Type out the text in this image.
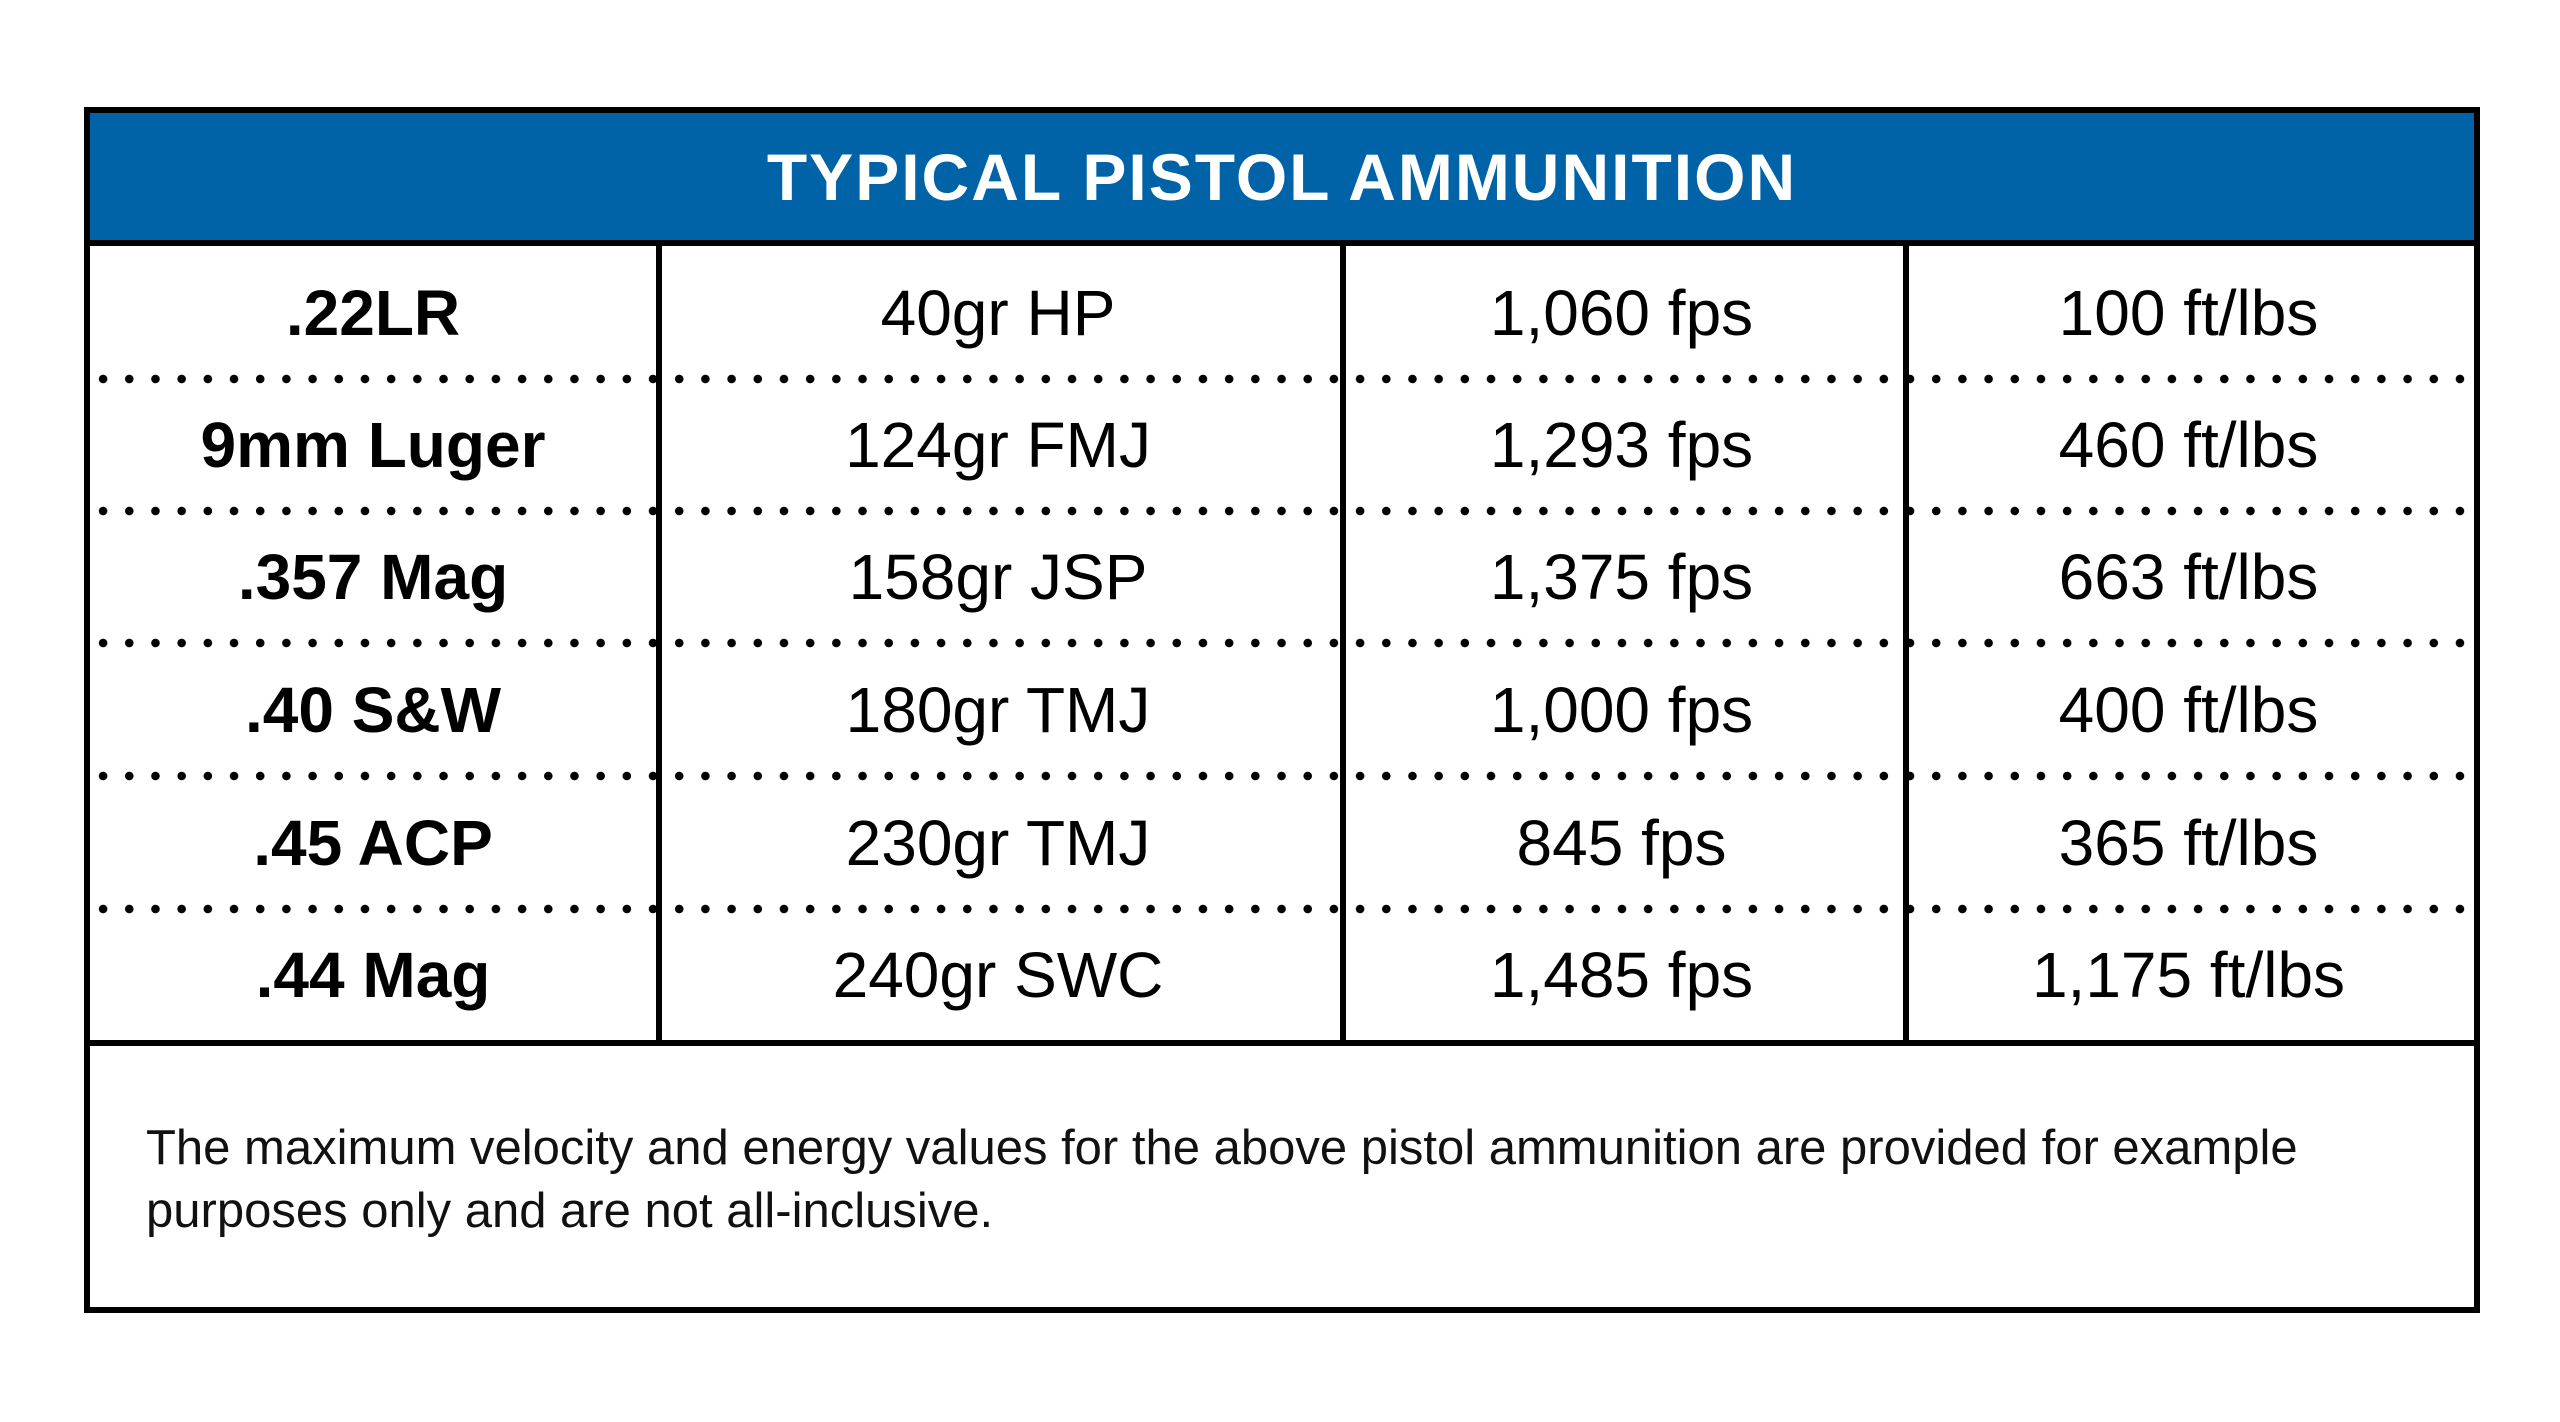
TYPICAL PISTOL AMMUNITION
.22LR	40gr HP	1,060 fps	100 ft/lbs
9mm Luger	124gr FMJ	1,293 fps	460 ft/lbs
.357 Mag	158gr JSP	1,375 fps	663 ft/lbs
.40 S&W	180gr TMJ	1,000 fps	400 ft/lbs
.45 ACP	230gr TMJ	845 fps	365 ft/lbs
.44 Mag	240gr SWC	1,485 fps	1,175 ft/lbs
The maximum velocity and energy values for the above pistol ammunition are provided for example purposes only and are not all-inclusive.
